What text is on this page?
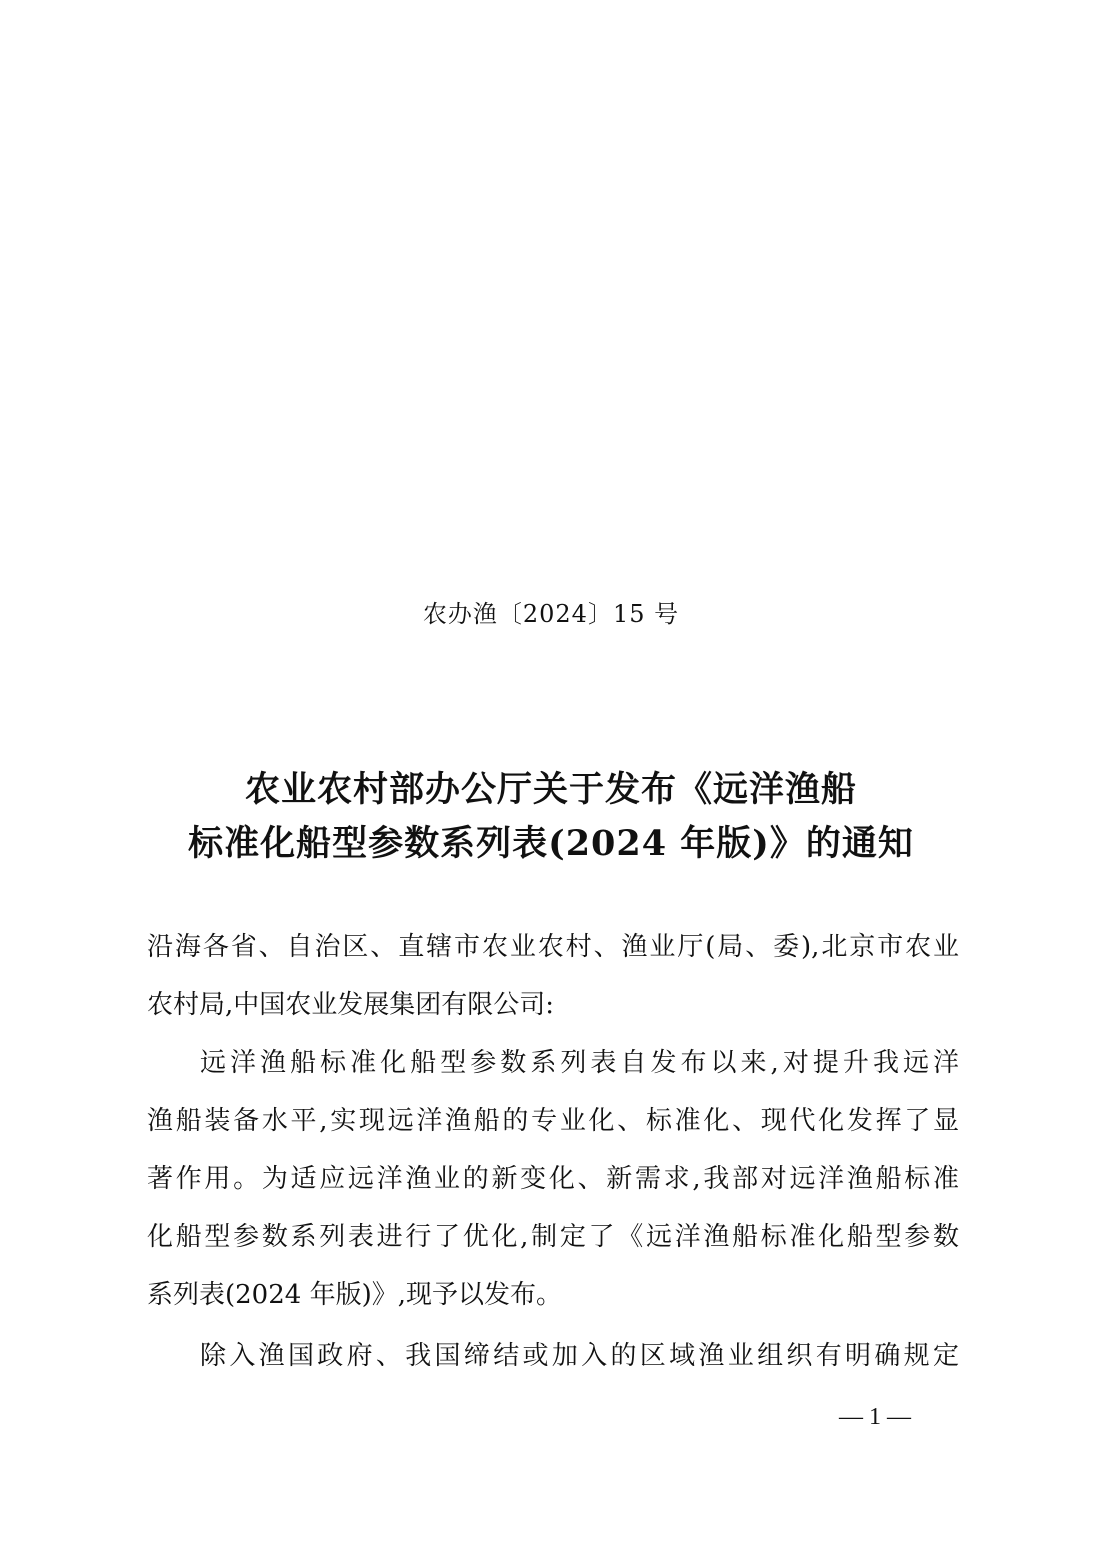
农办渔〔2024〕15 号
农业农村部办公厅关于发布《远洋渔船
标准化船型参数系列表(2024 年版)》的通知
沿海各省、自治区、直辖市农业农村、渔业厅(局、委),北京市农业
农村局,中国农业发展集团有限公司:
远洋渔船标准化船型参数系列表自发布以来,对提升我远洋
渔船装备水平,实现远洋渔船的专业化、标准化、现代化发挥了显
著作用。为适应远洋渔业的新变化、新需求,我部对远洋渔船标准
化船型参数系列表进行了优化,制定了《远洋渔船标准化船型参数
系列表(2024 年版)》,现予以发布。
除入渔国政府、我国缔结或加入的区域渔业组织有明确规定
— 1 —
